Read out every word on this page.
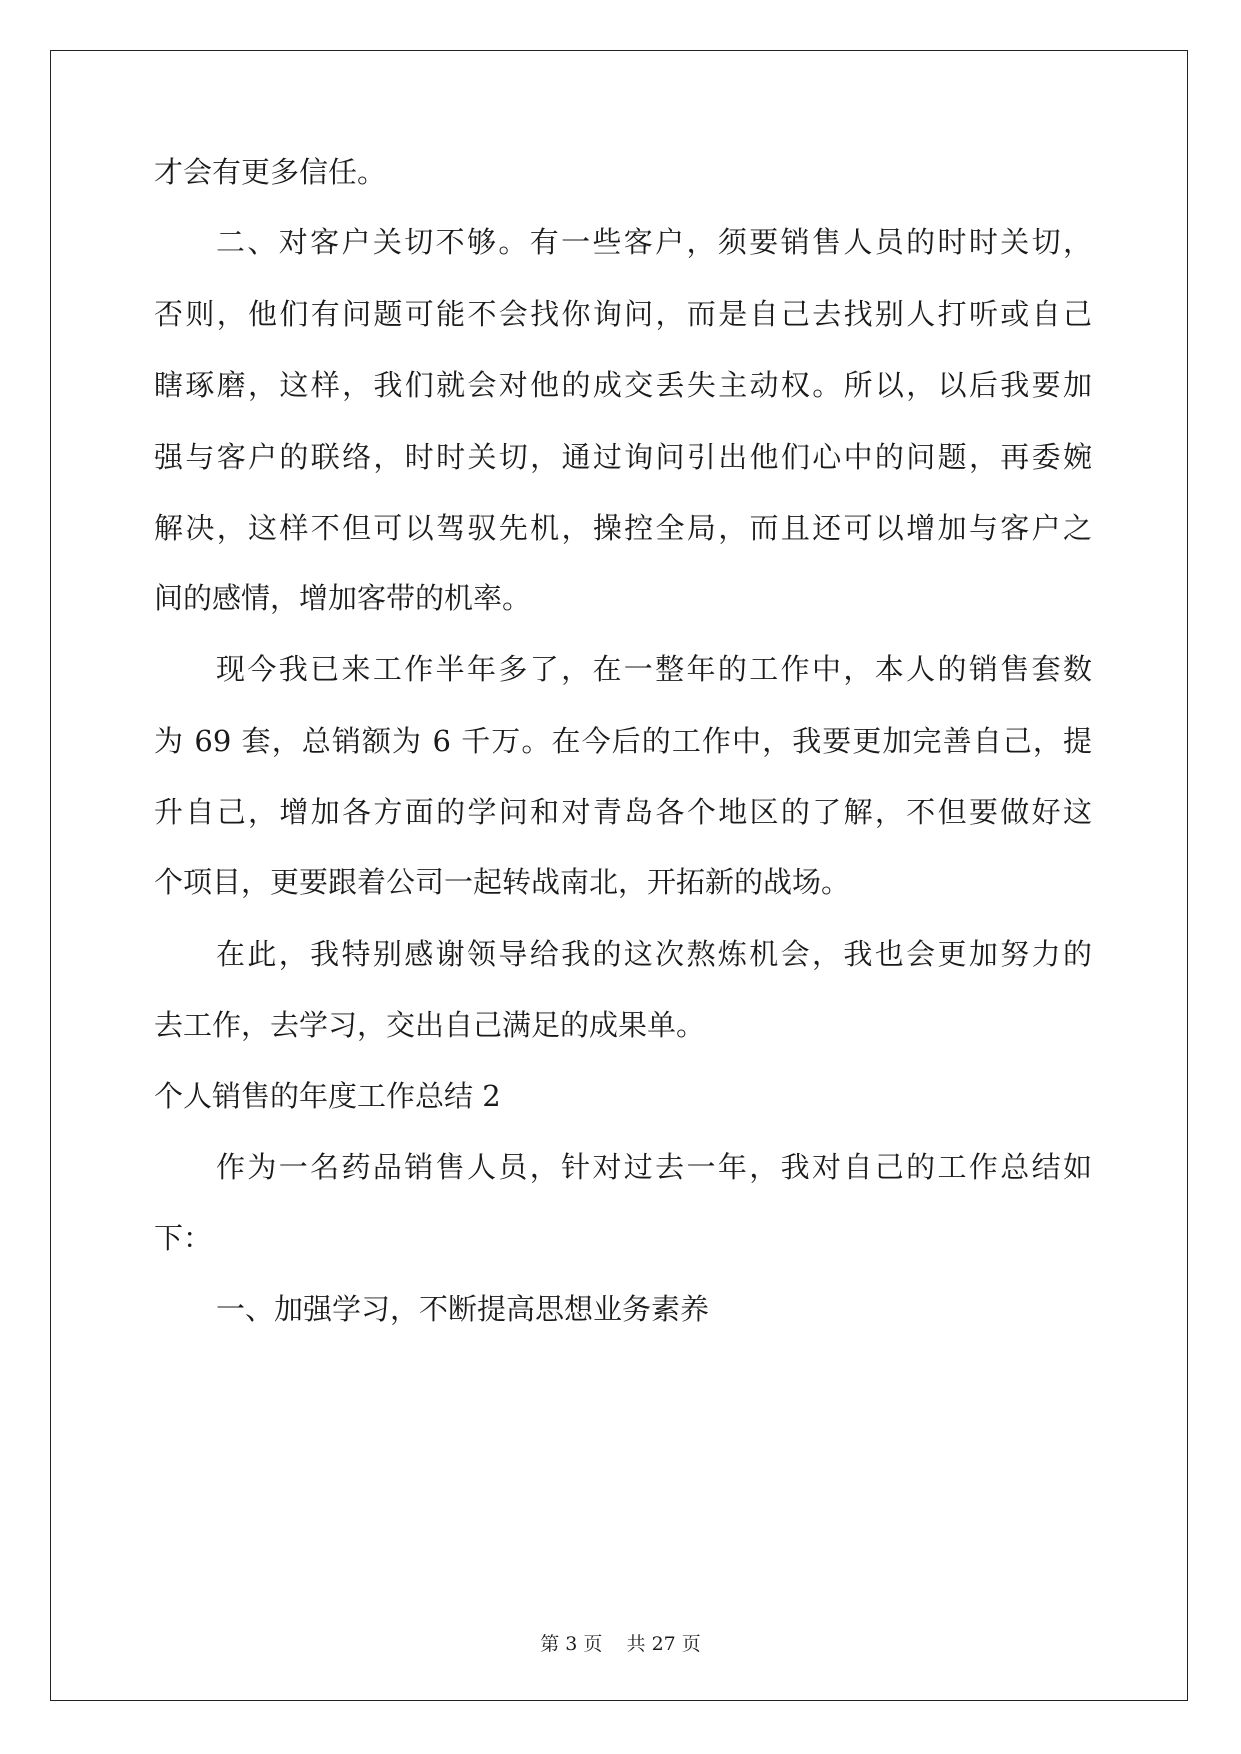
才会有更多信任。
二、对客户关切不够。有一些客户，须要销售人员的时时关切，
否则，他们有问题可能不会找你询问，而是自己去找别人打听或自己
瞎琢磨，这样，我们就会对他的成交丢失主动权。所以，以后我要加
强与客户的联络，时时关切，通过询问引出他们心中的问题，再委婉
解决，这样不但可以驾驭先机，操控全局，而且还可以增加与客户之
间的感情，增加客带的机率。
现今我已来工作半年多了，在一整年的工作中，本人的销售套数
为 69 套，总销额为 6 千万。在今后的工作中，我要更加完善自己，提
升自己，增加各方面的学问和对青岛各个地区的了解，不但要做好这
个项目，更要跟着公司一起转战南北，开拓新的战场。
在此，我特别感谢领导给我的这次熬炼机会，我也会更加努力的
去工作，去学习，交出自己满足的成果单。
个人销售的年度工作总结 2
作为一名药品销售人员，针对过去一年，我对自己的工作总结如
下：
一、加强学习，不断提高思想业务素养
第 3 页    共 27 页
